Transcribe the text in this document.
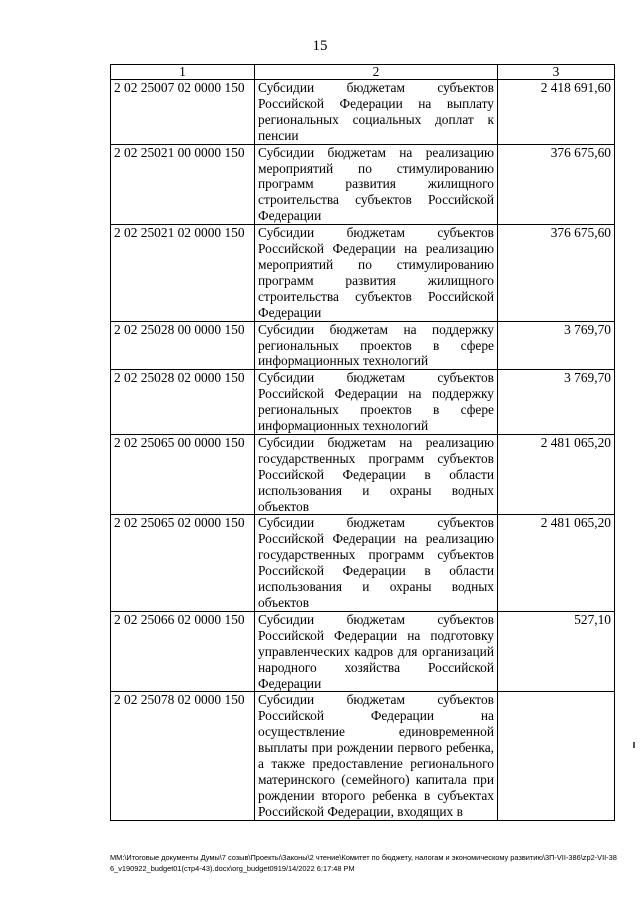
15
1	2	3
2 02 25007 02 0000 150	Субсидии бюджетам субъектов Российской Федерации на выплату региональных социальных доплат к пенсии	2 418 691,60
2 02 25021 00 0000 150	Субсидии бюджетам на реализацию мероприятий по стимулированию программ развития жилищного строительства субъектов Российской Федерации	376 675,60
2 02 25021 02 0000 150	Субсидии бюджетам субъектов Российской Федерации на реализацию мероприятий по стимулированию программ развития жилищного строительства субъектов Российской Федерации	376 675,60
2 02 25028 00 0000 150	Субсидии бюджетам на поддержку региональных проектов в сфере информационных технологий	3 769,70
2 02 25028 02 0000 150	Субсидии бюджетам субъектов Российской Федерации на поддержку региональных проектов в сфере информационных технологий	3 769,70
2 02 25065 00 0000 150	Субсидии бюджетам на реализацию государственных программ субъектов Российской Федерации в области использования и охраны водных объектов	2 481 065,20
2 02 25065 02 0000 150	Субсидии бюджетам субъектов Российской Федерации на реализацию государственных программ субъектов Российской Федерации в области использования и охраны водных объектов	2 481 065,20
2 02 25066 02 0000 150	Субсидии бюджетам субъектов Российской Федерации на подготовку управленческих кадров для организаций народного хозяйства Российской Федерации	527,10
2 02 25078 02 0000 150	Субсидии бюджетам субъектов Российской Федерации на осуществление единовременной выплаты при рождении первого ребенка, а также предоставление регионального материнского (семейного) капитала при рождении второго ребенка в субъектах Российской Федерации, входящих в	
MM:\Итоговые документы Думы\7 созыв\Проекты\Законы\2 чтение\Комитет по бюджету, налогам и экономическому развитию\3П-VII-386\zp2-VII-386_v190922_budget01(стр4-43).docx\org_budget0919/14/2022 6:17:48 PM
